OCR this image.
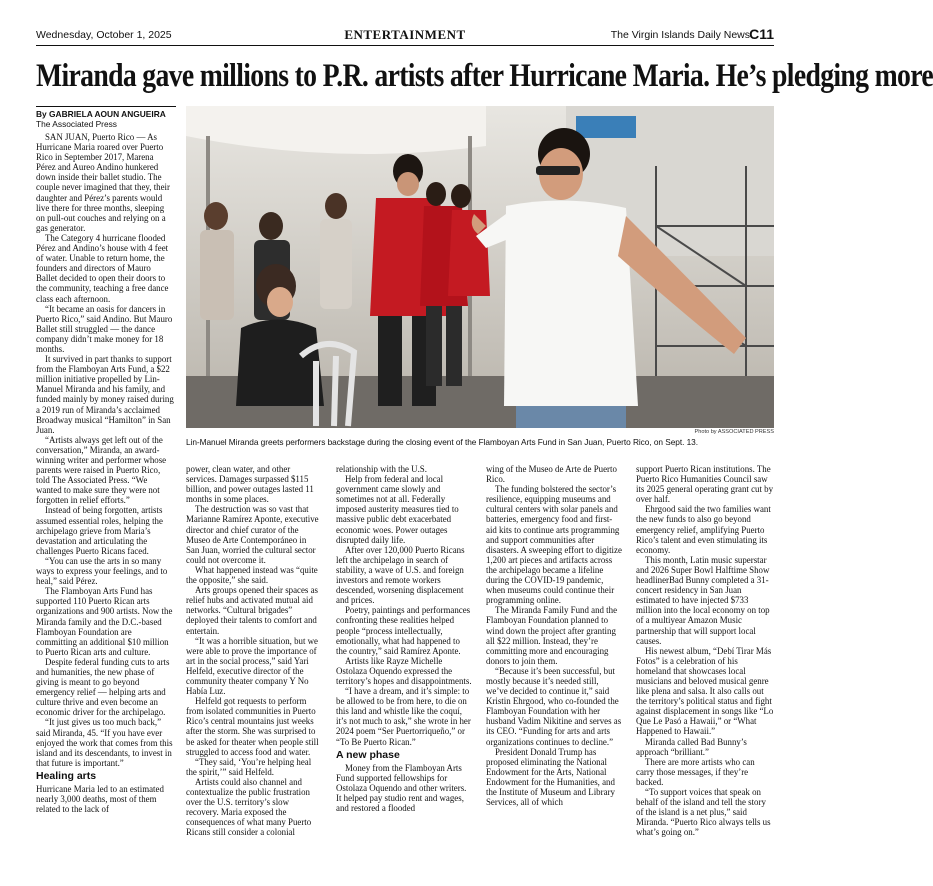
Wednesday, October 1, 2025	ENTERTAINMENT	The Virgin Islands Daily News C11
Miranda gave millions to P.R. artists after Hurricane Maria. He’s pledging more
By GABRIELA AOUN ANGUEIRA
The Associated Press

SAN JUAN, Puerto Rico — As Hurricane Maria roared over Puerto Rico in September 2017, Marena Pérez and Aureo Andino hunkered down inside their ballet studio. The couple never imagined that they, their daughter and Pérez’s parents would live there for three months, sleeping on pull-out couches and relying on a gas generator.

The Category 4 hurricane flooded Pérez and Andino’s house with 4 feet of water. Unable to return home, the founders and directors of Mauro Ballet decided to open their doors to the community, teaching a free dance class each afternoon.

“It became an oasis for dancers in Puerto Rico,” said Andino. But Mauro Ballet still struggled — the dance company didn’t make money for 18 months.

It survived in part thanks to support from the Flamboyan Arts Fund, a $22 million initiative propelled by Lin-Manuel Miranda and his family, and funded mainly by money raised during a 2019 run of Miranda’s acclaimed Broadway musical “Hamilton” in San Juan.

“Artists always get left out of the conversation,” Miranda, an award-winning writer and performer whose parents were raised in Puerto Rico, told The Associated Press. “We wanted to make sure they were not forgotten in relief efforts.”

Instead of being forgotten, artists assumed essential roles, helping the archipelago grieve from Maria’s devastation and articulating the challenges Puerto Ricans faced.

“You can use the arts in so many ways to express your feelings, and to heal,” said Pérez.

The Flamboyan Arts Fund has supported 110 Puerto Rican arts organizations and 900 artists. Now the Miranda family and the D.C.-based Flamboyan Foundation are committing an additional $10 million to Puerto Rican arts and culture.

Despite federal funding cuts to arts and humanities, the new phase of giving is meant to go beyond emergency relief — helping arts and culture thrive and even become an economic driver for the archipelago.

“It just gives us too much back,” said Miranda, 45. “If you have ever enjoyed the work that comes from this island and its descendants, to invest in that future is important.”

Healing arts

Hurricane Maria led to an estimated nearly 3,000 deaths, most of them related to the lack of

Photo by ASSOCIATED PRESS
Lin-Manuel Miranda greets performers backstage during the closing event of the Flamboyan Arts Fund in San Juan, Puerto Rico, on Sept. 13.

power, clean water, and other services. Damages surpassed $115 billion, and power outages lasted 11 months in some places.

The destruction was so vast that Marianne Ramírez Aponte, executive director and chief curator of the Museo de Arte Contemporáneo in San Juan, worried the cultural sector could not overcome it.

What happened instead was “quite the opposite,” she said.

Arts groups opened their spaces as relief hubs and activated mutual aid networks. “Cultural brigades” deployed their talents to comfort and entertain.

“It was a horrible situation, but we were able to prove the importance of art in the social process,” said Yari Helfeld, executive director of the community theater company Y No Había Luz.

Helfeld got requests to perform from isolated communities in Puerto Rico’s central mountains just weeks after the storm. She was surprised to be asked for theater when people still struggled to access food and water.

“They said, ‘You’re helping heal the spirit,’” said Helfeld.

Artists could also channel and contextualize the public frustration over the U.S. territory’s slow recovery. Maria exposed the consequences of what many Puerto Ricans still consider a colonial

relationship with the U.S.

Help from federal and local government came slowly and sometimes not at all. Federally imposed austerity measures tied to massive public debt exacerbated economic woes. Power outages disrupted daily life.

After over 120,000 Puerto Ricans left the archipelago in search of stability, a wave of U.S. and foreign investors and remote workers descended, worsening displacement and prices.

Poetry, paintings and performances confronting these realities helped people “process intellectually, emotionally, what had happened to the country,” said Ramírez Aponte.

Artists like Rayze Michelle Ostolaza Oquendo expressed the territory’s hopes and disappointments.

“I have a dream, and it’s simple: to be allowed to be from here, to die on this land and whistle like the coquí, it’s not much to ask,” she wrote in her 2024 poem “Ser Puertorriqueño,” or “To Be Puerto Rican.”

A new phase

Money from the Flamboyan Arts Fund supported fellowships for Ostolaza Oquendo and other writers. It helped pay studio rent and wages, and restored a flooded

wing of the Museo de Arte de Puerto Rico.

The funding bolstered the sector’s resilience, equipping museums and cultural centers with solar panels and batteries, emergency food and first-aid kits to continue arts programming and support communities after disasters. A sweeping effort to digitize 1,200 art pieces and artifacts across the archipelago became a lifeline during the COVID-19 pandemic, when museums could continue their programming online.

The Miranda Family Fund and the Flamboyan Foundation planned to wind down the project after granting all $22 million. Instead, they’re committing more and encouraging donors to join them.

“Because it’s been successful, but mostly because it’s needed still, we’ve decided to continue it,” said Kristin Ehrgood, who co-founded the Flamboyan Foundation with her husband Vadim Nikitine and serves as its CEO. “Funding for arts and arts organizations continues to decline.”

President Donald Trump has proposed eliminating the National Endowment for the Arts, National Endowment for the Humanities, and the Institute of Museum and Library Services, all of which

support Puerto Rican institutions. The Puerto Rico Humanities Council saw its 2025 general operating grant cut by over half.

Ehrgood said the two families want the new funds to also go beyond emergency relief, amplifying Puerto Rico’s talent and even stimulating its economy.

This month, Latin music superstar and 2026 Super Bowl Halftime Show headlinerBad Bunny completed a 31-concert residency in San Juan estimated to have injected $733 million into the local economy on top of a multiyear Amazon Music partnership that will support local causes.

His newest album, “Debí Tirar Más Fotos” is a celebration of his homeland that showcases local musicians and beloved musical genre like plena and salsa. It also calls out the territory’s political status and fight against displacement in songs like “Lo Que Le Pasó a Hawaii,” or “What Happened to Hawaii.”

Miranda called Bad Bunny’s approach “brilliant.”

There are more artists who can carry those messages, if they’re backed.

“To support voices that speak on behalf of the island and tell the story of the island is a net plus,” said Miranda. “Puerto Rico always tells us what’s going on.”
